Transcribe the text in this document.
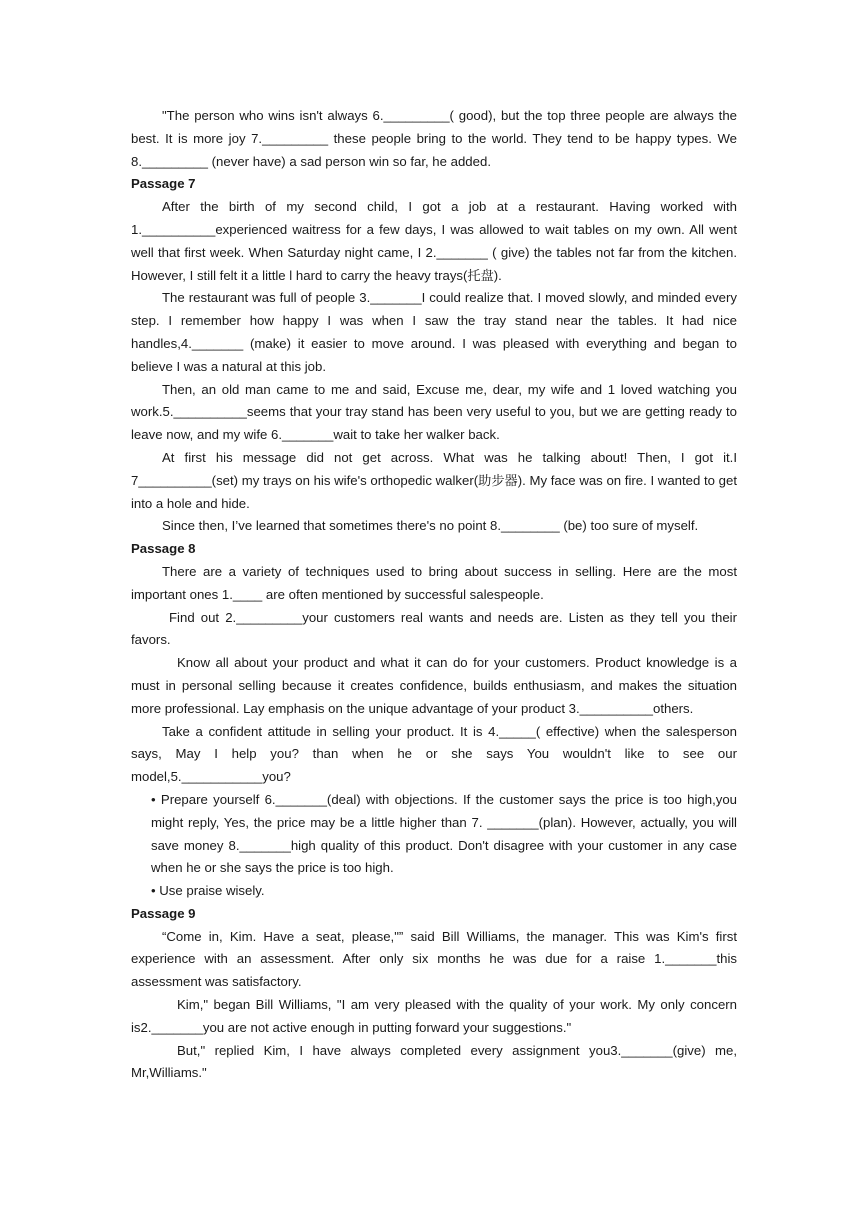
"The person who wins isn't always 6._________( good), but the top three people are always the best. It is more joy 7._________ these people bring to the world. They tend to be happy types. We 8._________ (never have) a sad person win so far, he added.

Passage 7

After the birth of my second child, I got a job at a restaurant. Having worked with 1.__________experienced waitress for a few days, I was allowed to wait tables on my own. All went well that first week. When Saturday night came, I 2._______ ( give) the tables not far from the kitchen. However, I still felt it a little l hard to carry the heavy trays(托盘).

The restaurant was full of people 3._______I could realize that. I moved slowly, and minded every step. I remember how happy I was when I saw the tray stand near the tables. It had nice handles,4._______ (make) it easier to move around. I was pleased with everything and began to believe I was a natural at this job.

Then, an old man came to me and said, Excuse me, dear, my wife and 1 loved watching you work.5.__________seems that your tray stand has been very useful to you, but we are getting ready to leave now, and my wife 6._______wait to take her walker back.

At first his message did not get across. What was he talking about! Then, I got it.I 7__________(set) my trays on his wife's orthopedic walker(助步器). My face was on fire. I wanted to get into a hole and hide.

Since then, I’ve learned that sometimes there's no point 8.________ (be) too sure of myself.

Passage 8

There are a variety of techniques used to bring about success in selling. Here are the most important ones 1.____ are often mentioned by successful salespeople.

Find out 2._________your customers real wants and needs are. Listen as they tell you their favors.

Know all about your product and what it can do for your customers. Product knowledge is a must in personal selling because it creates confidence, builds enthusiasm, and makes the situation more professional. Lay emphasis on the unique advantage of your product 3.__________others.

Take a confident attitude in selling your product. It is 4._____( effective) when the salesperson says, May I help you? than when he or she says You wouldn't like to see our model,5.___________you?

• Prepare yourself 6._______(deal) with objections. If the customer says the price is too high,you might reply, Yes, the price may be a little higher than 7. _______(plan). However, actually, you will save money 8._______high quality of this product. Don't disagree with your customer in any case when he or she says the price is too high.

• Use praise wisely.

Passage 9

“Come in, Kim. Have a seat, please,"” said Bill Williams, the manager. This was Kim's first experience with an assessment. After only six months he was due for a raise 1._______this assessment was satisfactory.

Kim," began Bill Williams, "I am very pleased with the quality of your work. My only concern is2._______you are not active enough in putting forward your suggestions."

But," replied Kim, I have always completed every assignment you3._______(give) me, Mr,Williams."
